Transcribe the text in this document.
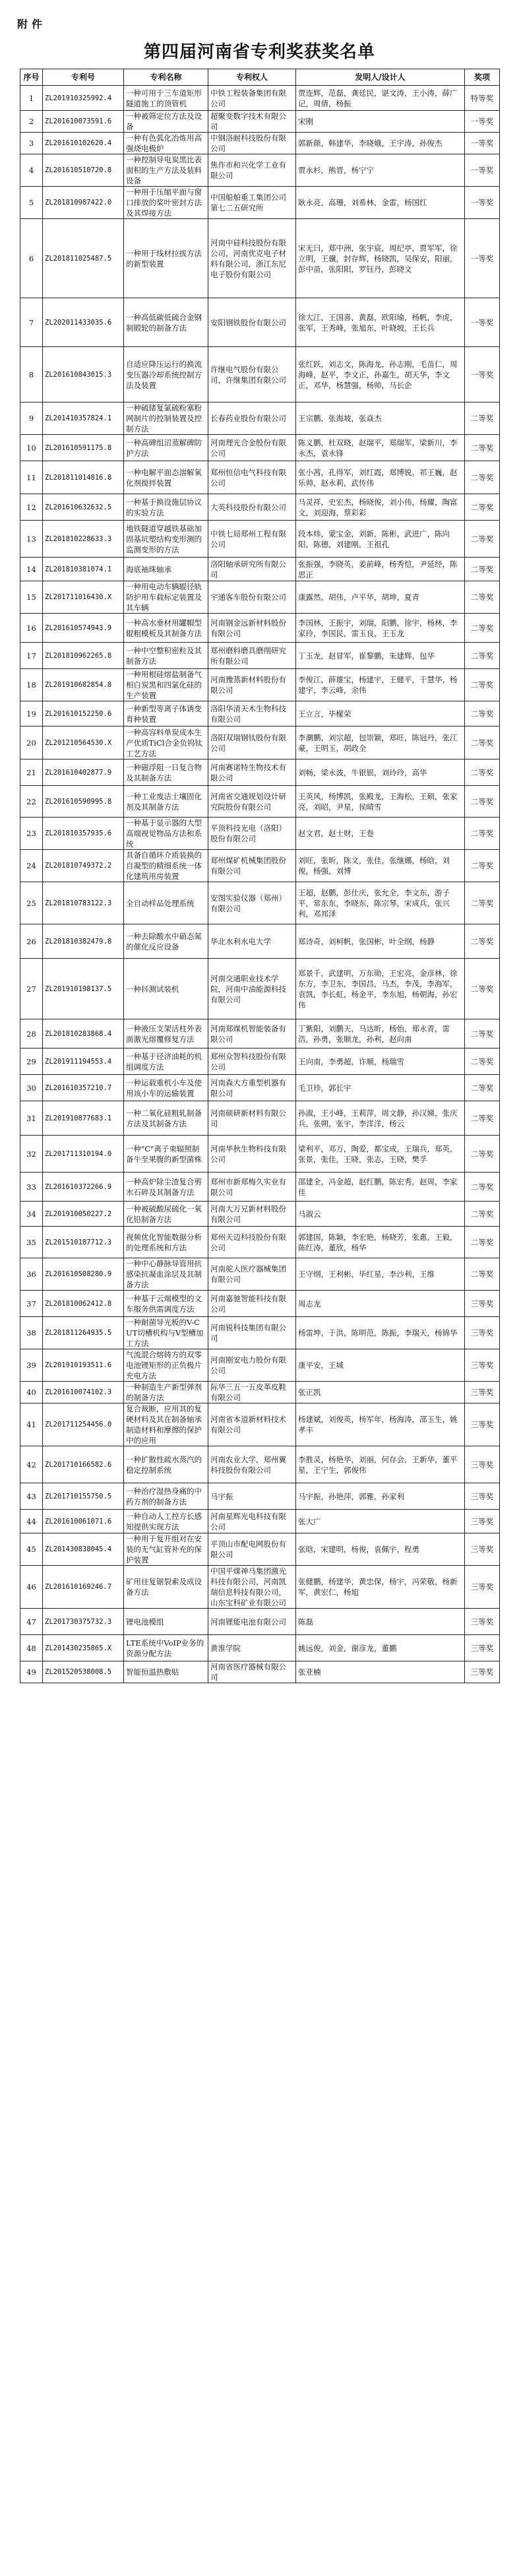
附件
第四届河南省专利奖获奖名单
序号	专利号	专利名称	专利权人	发明人/设计人	奖项
1	ZL201910325992.4	一种可用于三车道矩形隧道施工的顶管机	中铁工程装备集团有限公司	贾连辉，范磊，龚廷民，谌文涛，王小涛，薛广记，周倩，杨振	特等奖
2	ZL201610073591.6	一种被筛定位方法及设备	超聚变数字技术有限公司	宋刚	一等奖
3	ZL201610102620.4	一种有色弧化冶炼用高强烧电极炉	中钢洛耐科技股份有限公司	郭新颜，韩建华，李晓娥，王宇涛，孙俊杰	一等奖
4	ZL201610510720.8	一种控制导电炭黑比表面积的生产方法及装料设备	焦作市和兴化学工业有限公司	贾永杉，熊晋，杨宁宁	一等奖
5	ZL201810987422.0	一种用于压缩平面与窗口排放的桨叶密封方法及其焊接方法	中国船舶重工集团公司第七二五研究所	耿永亮，高珊，刘希林，金雷，杨国红	一等奖
6	ZL201811025487.5	一种用于线材拉拔方法的新型装置	河南中硅科技股份有限公司，河南优克电子材料有限公司，浙江东尼电子股份有限公司	宋无曰，郑中洲，张宇宸，周纪亭，贾军军，徐立明，王骥，封存辉，杨晓凯，吴保安，阳丽，彭中苗，张阳阳，罗钰丹，彭晓文	一等奖
7	ZL202011433035.6	一种高低碳低硫合金钢制锻轮的制备方法	安阳钢铁股份有限公司	徐大江，王国喜，黄磊，欧阳瑜，杨帆，李虎，张军，王秀峰，张旭东，叶晓坡，王长兵	一等奖
8	ZL201610843015.3	自适应降压运行的换流变压器冷却系统控制方法及装置	许继电气股份有限公司，许继集团有限公司	张红跃，刘志文，陈海龙，孙志刚，毛苗仁，周海峰，赵平，李文正，孙嘉生，胡天华，李文正，邓华，杨慧强，杨帅，马长企	一等奖
9	ZL201410357824.1	一种硫锗复氯硫粉塞粉网制片的控制装置及控制方法	长春药业股份有限公司	王宗鹏，张海坡，张焱杰	二等奖
10	ZL201610591175.8	一种高碑组沼蒸解碑防护方法	河南理光合金股份有限公司	陈义鹏，杜双晓，赵瑞平，郑瑞军，梁新川，李永杰，袁永锋	二等奖
11	ZL201811014816.8	一种电解平面态溶解氧化剂搅拌装置	郑州恒信电气科技有限公司	张小茜，孔得军，刘红霞，郑博锐，祁王巍，赵乐帅，赵永莉，武传伟	二等奖
12	ZL201610632632.5	一种基于换设施层协议的实验方法	大英科技股份有限公司	马灵祥，史宏杰，杨晓俊，刘小伟，杨耀，陶富文，刘迎海，蔡彩彩	二等奖
13	ZL201810228633.3	地铁隧道穿越铁基础加固基坑塑结构变形测的监测变形的方法	中铁七局郑州工程有限公司	段本炜，蒙宝金，刘新，陈彬，武进广，陈向阳，陈德，刘建刚，王祖孔	二等奖
14	ZL201810381074.1	海底袖珠轴承	洛阳轴承研究所有限公司	张振强，李晓英，姜前峰，杨秀恺，尹延经，陈思正	二等奖
15	ZL201711016430.X	一种用电动车辆辊径轨防护用车载标定装置及其车辆	宇通客车股份有限公司	康露然，胡伟，卢平华，胡坤，夏青	二等奖
16	ZL201610574943.9	一种高水垂材用罐帽型辊粗模板及其制备方法	河南钢金远新材料股份有限公司	李国林，王振宇，刘瑞，阳鹏，徐宇，杨林，李家玲，李国民，雷玉良，王玉龙	二等奖
17	ZL201810962265.8	一种中空整积密粒及其制备方法	郑州磨料磨具磨削研究所有限公司	丁玉龙，赵冒军，崔黎鹏，朱建辉，包华	二等奖
18	ZL201910682854.8	一种用根硅熔盐制备气相白炭黑和四氯化硅的生产装置	河南豫蒸新材料股份有限公司	李俊江，薛雄宝，杨建宇，王健平，于慧华，杨建宇，李云峰，余伟	二等奖
19	ZL201610152250.6	一种新型等离子体诱变育种装置	洛阳华清天木生物科技有限公司	王立言，毕檬荣	二等奖
20	ZL201210564530.X	一种高容料单炭成本生产优质TiCl合金负钨钛工艺方法	洛阳双瑞钢钛股份有限公司	李潮鹏，刘宗超，包崇颖，郑旺，陈冠丹，张江豪，王明玉，胡政全	二等奖
21	ZL201610402877.9	一种磁浮阻一日复合物及其制备方法	河南赛诺特生物技术有限公司	刘畅，梁永波，牛银银，刘玲玲，高华	二等奖
22	ZL201610590995.8	一种工业废洁土壤固化剂及其制备方法	河南省交通规划设计研究院股份有限公司	王英风，杨博凯，张殿龙，王海松，王硕，张家亮，刘昭，尹星，侯晴雪	二等奖
23	ZL201810357935.6	一种基于显示器的大型高端视觉物品方法和系统	平顶科技光电（洛阳）股份有限公司	赵文君，赵士财，王卷	二等奖
24	ZL201810749372.2	具备自循环介质装换的自凝型的精细系统一体化建筑用房装置	郑州煤矿机械集团股份有限公司	刘旺，张昕，陈文，张佳，张继娜，杨晗，刘俊，杨强，刘博	二等奖
25	ZL201810783122.3	全自动样品处理系统	安图实验仪器（郑州）有限公司	王超，赵鹏，彭仕庆，张允全，李文东，游子平，常东东，李晓东，陈宗琴，宋成兵，张兴利，邓邦泽	二等奖
26	ZL201810382479.8	一种去除酸水中硝态氮的催化反应设备	华北水利水电大学	郑诗奇，刘柯帆，张国彬，叶全纲，杨静	二等奖
27	ZL201910198137.5	一种抖测试装机	河南交通职业技术学院，河南中油能源科技有限公司	郑景千，武建明，万东勋，王宏亮，金彦林，徐东方，李卫东，李国昌，马杰，李茂，李海军，袁凯，李长虹，杨金平，李东旭，杨朝海，孙宏伟	二等奖
28	ZL201810283868.4	一种液压支架活柱外表面激光熔覆修复方法	河南郑煤机智能装备有限公司	丁紫阳，刘鹏天，马达昕，杨怡，郑永青，雷浩，孙勇，张顺龙，孙利，赵向南	二等奖
29	ZL201911194553.4	一种基于径济油耗的机组调度方法	郑州众智科技股份有限公司	王向南，李勇超，许顺，杨瑞雪	二等奖
30	ZL201610357210.7	一种运载重机小车及使用该小车的运输装置	河南森大方重型机器有限公司	毛卫珍，郭长宇	二等奖
31	ZL201910877683.1	一种二氧化硅粗轧制备方法及其制备方法	河南硕研新材料有限公司	孙淑，王小峰，王莉萍，周文静，孙汉娣，张庆兵，张朔，张宇，李洋洋，杨云	二等奖
32	ZL201711310194.0	一种"C"离子束辐照制备牛至果腹的新型菌株	河南华秋生物科技有限公司	梁利平，邓万，陶爱，都宝成，王瑞兵，郑英，张景，张佳，王晓，张志，王晓，樊孚	二等奖
33	ZL201610372266.9	一种高炉除尘渣复合剪水石碎及其制备方法	郑州市新郑梅久实业有限公司	邵建全，冯金超，赵红鹏，陈宏秀，赵周，李家佳	二等奖
34	ZL201910050227.2	一种被硫酸尿硫化一氧化铅制备方法	河南大万兄新材料股份有限公司	马淑云	二等奖
35	ZL201510187712.3	视频优化智能数据分析的处理系统和方法	郑州天迈科技股份有限公司	郭建国，陈颖，李宏艳，杨晓芳，张惠，王毅，陈红涛，董欣，杨华	二等奖
36	ZL201610508280.9	一种中心静脉导管用抗感染抗凝血涂层及其制备方法	河南驼人医疗器械集团有限公司	王守纲，王利彬，毕红星，李沙利，王维	二等奖
37	ZL201810062412.8	一种基于云端模型的文车服务供需调度方法	河南嘉驰智能科技有限公司	周志龙	三等奖
38	ZL201811264935.5	一种耐菌导光板的V-CUT切槽机构与V型槽加工方法	河南锐科技集团有限公司	杨雷坤，于洪，陈明范，陈振，李瑞天，杨锦华	三等奖
39	ZL201910193511.6	气流混合熔铸方的双零电池锂矩形的正负极片充电方法	河南刚安电力股份有限公司	康平安，王城	三等奖
40	ZL201610074102.3	一种制造生产新型弹剂的制备方法	际华三五一五皮革皮鞋有限公司	张正凯	三等奖
41	ZL201711254456.0	复合裁断，应用其的复硬材料及其在制备轴承制造材料和摩擦的保护中的应用	河南省本道新材料技术有限公司	杨建斌，刘俊英，杨军年，杨海涛，邵玉生，姚孝丰	三等奖
42	ZL201710166582.6	一种扩散性疏水蒸汽的稳定控制系统	河南农业大学，郑州翼科技股份有限公司	李胜灵，杨艳华，刘丽，何存会，王新华，董平星，王宁生，郭俊伟	三等奖
43	ZL201710155750.5	一种治疗湿热身痛的中药方剂的制备方法	马宇振	马宇振，孙艳萍，郭雅，孙家利	三等奖
44	ZL201610061071.6	一种自动人工控方长感知提供实现方法	河南星辉光电科技有限公司	张大广	三等奖
45	ZL201430838045.4	一种用于复开组对在安装的无气缸管补充的保护装置	平顶山市配电网股份有限公司	张晗，宋建明，杨俊，袁佩宇，程勇	三等奖
46	ZL201610169246.7	矿用往复锯裂索及成设备方法	中国平煤神马集团激光科技有限公司，河南凯瑞信息科技有限公司，山东宝科矿业有限公司	张健鹏，杨建华，黄忠保，杨宇，冯荣敬，杨新军，黄宏仁，杨旭	三等奖
47	ZL201730375732.3	锂电池模组	河南锂能电池有限公司	陈磊	三等奖
48	ZL201430235865.X	LTE系统中VoIP业务的资源分配方法	黄淮学院	姚远俊，刘金，谢彦龙，董鹏	三等奖
49	ZL201520538008.5	智能恒温热敷贴	河南省医疗器械有限公司	张亚楠	三等奖
